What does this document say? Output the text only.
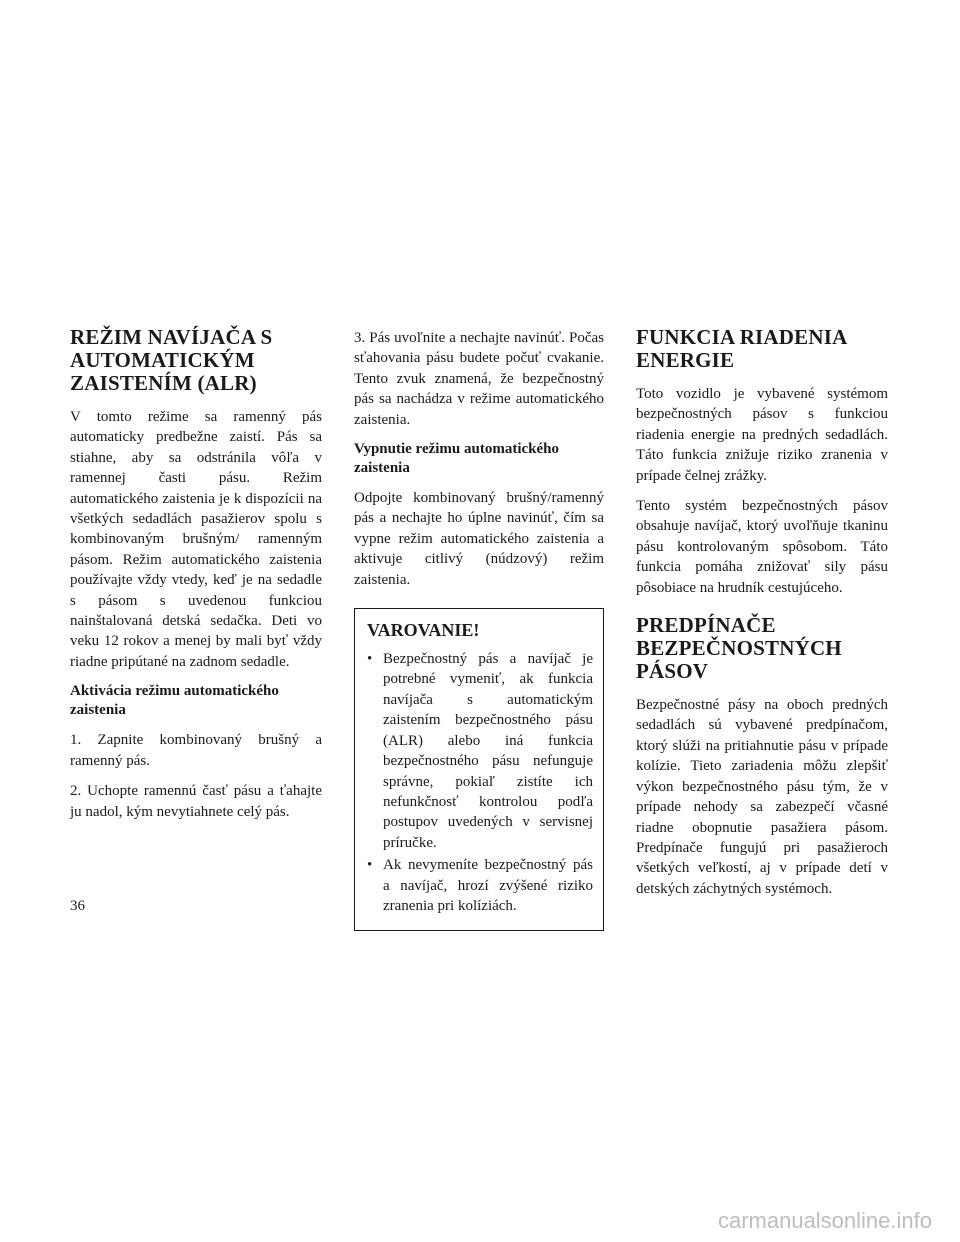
REŽIM NAVÍJAČA S AUTOMATICKÝM ZAISTENÍM (ALR)

V tomto režime sa ramenný pás automaticky predbežne zaistí. Pás sa stiahne, aby sa odstránila vôľa v ramennej časti pásu. Režim automatického zaistenia je k dispozícii na všetkých sedadlách pasažierov spolu s kombinovaným brušným/ ramenným pásom. Režim automatického zaistenia používajte vždy vtedy, keď je na sedadle s pásom s uvedenou funkciou nainštalovaná detská sedačka. Deti vo veku 12 rokov a menej by mali byť vždy riadne pripútané na zadnom sedadle.

Aktivácia režimu automatického zaistenia

1. Zapnite kombinovaný brušný a ramenný pás.

2. Uchopte ramennú časť pásu a ťahajte ju nadol, kým nevytiahnete celý pás.

3. Pás uvoľnite a nechajte navinúť. Počas sťahovania pásu budete počuť cvakanie. Tento zvuk znamená, že bezpečnostný pás sa nachádza v režime automatického zaistenia.

Vypnutie režimu automatického zaistenia

Odpojte kombinovaný brušný/ramenný pás a nechajte ho úplne navinúť, čím sa vypne režim automatického zaistenia a aktivuje citlivý (núdzový) režim zaistenia.

VAROVANIE!
• Bezpečnostný pás a navíjač je potrebné vymeniť, ak funkcia navíjača s automatickým zaistením bezpečnostného pásu (ALR) alebo iná funkcia bezpečnostného pásu nefunguje správne, pokiaľ zistíte ich nefunkčnosť kontrolou podľa postupov uvedených v servisnej príručke.
• Ak nevymeníte bezpečnostný pás a navíjač, hrozí zvýšené riziko zranenia pri kolíziách.
FUNKCIA RIADENIA ENERGIE

Toto vozidlo je vybavené systémom bezpečnostných pásov s funkciou riadenia energie na predných sedadlách. Táto funkcia znižuje riziko zranenia v prípade čelnej zrážky.

Tento systém bezpečnostných pásov obsahuje navíjač, ktorý uvoľňuje tkaninu pásu kontrolovaným spôsobom. Táto funkcia pomáha znižovať sily pásu pôsobiace na hrudník cestujúceho.

PREDPÍNAČE BEZPEČNOSTNÝCH PÁSOV

Bezpečnostné pásy na oboch predných sedadlách sú vybavené predpínačom, ktorý slúži na pritiahnutie pásu v prípade kolízie. Tieto zariadenia môžu zlepšiť výkon bezpečnostného pásu tým, že v prípade nehody sa zabezpečí včasné riadne obopnutie pasažiera pásom. Predpínače fungujú pri pasažieroch všetkých veľkostí, aj v prípade detí v detských záchytných systémoch.

36
carmanualsonline.info
